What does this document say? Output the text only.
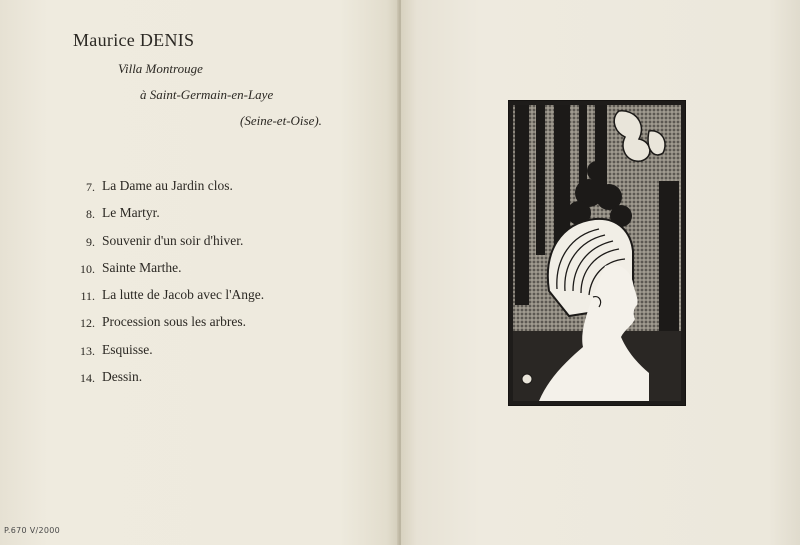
Maurice DENIS

Villa Montrouge

à Saint-Germain-en-Laye

(Seine-et-Oise).

7. La Dame au Jardin clos.
8. Le Martyr.
9. Souvenir d'un soir d'hiver.
10. Sainte Marthe.
11. La lutte de Jacob avec l'Ange.
12. Procession sous les arbres.
13. Esquisse.
14. Dessin.
P.670 V/2000
